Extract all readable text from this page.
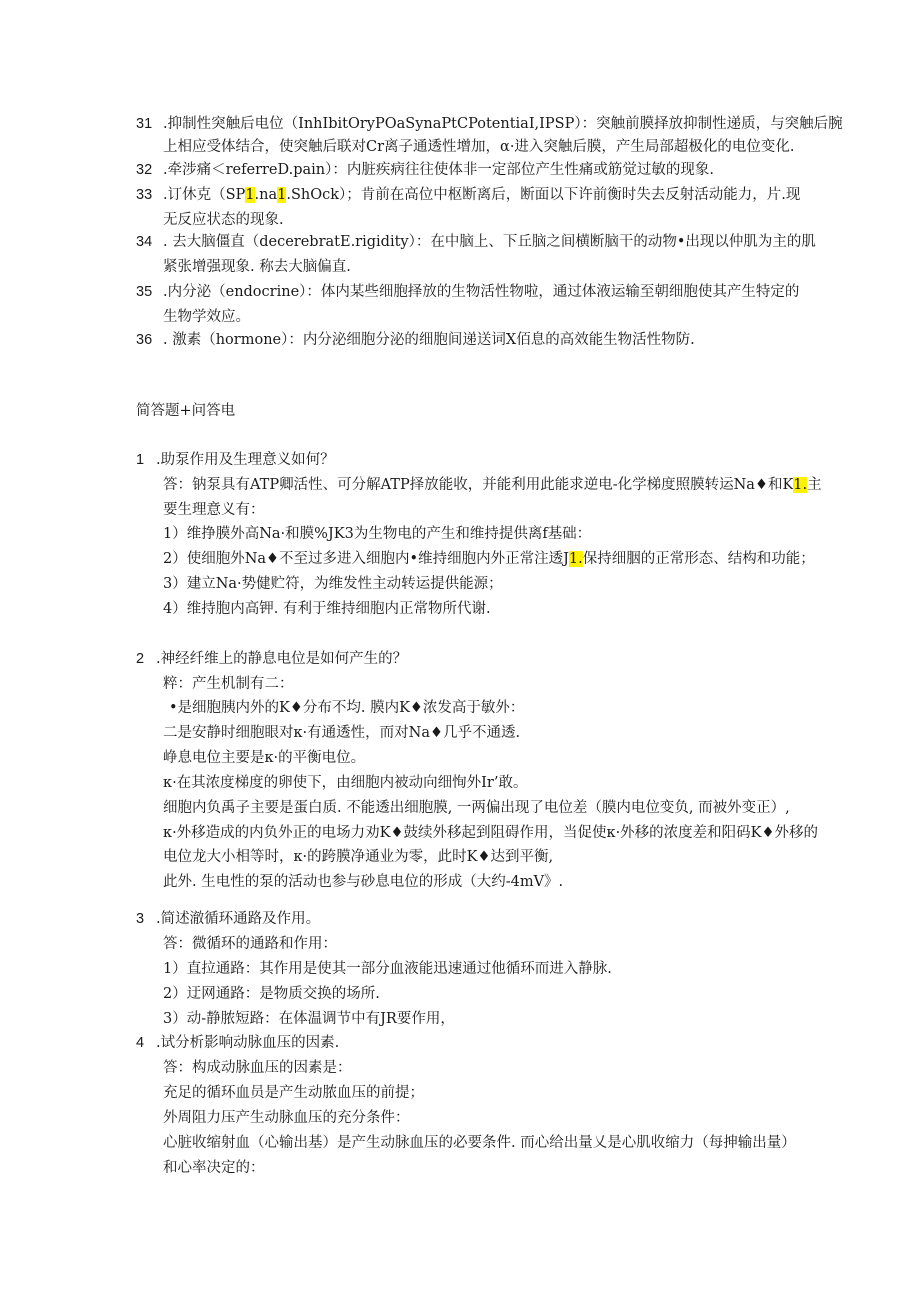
31 .抑制性突触后电位（InhIbitOryPOaSynaPtCPotentiaI,IPSP）：突触前膜择放抑制性递质，与突触后腕
上相应受体结合，使突触后联对Cr离子通透性增加，α·进入突触后膜，产生局部超极化的电位变化.
32 .牵涉痛＜referreD.pain）：内脏疾病往往使体非一定部位产生性痛或筋觉过敏的现象.
33 .订休克（SP1.na1.ShOck）；肯前在高位中枢断离后，断面以下许前衡时失去反射活动能力，片.现
无反应状态的现象.
34 . 去大脑僵直（decerebratE.rigidity）：在中脑上、下丘脑之间横断脑干的动物•出现以仲肌为主的肌
紧张增强现象. 称去大脑偏直.
35 .内分泌（endocrine）：体内某些细胞择放的生物活性物啦，通过体液运输至朝细胞使其产生特定的
生物学效应。
36 . 激素（hormone）：内分泌细胞分泌的细胞间递送词X佰息的高效能生物活性物防.
简答题+问答电
1 .助泵作用及生理意义如何？
答：钠泵具有ATP卿活性、可分解ATP择放能收，并能利用此能求逆电-化学梯度照膜转运Na♦和K1.主
要生理意义有：
1）维挣膜外高Na·和膜%JK3为生物电的产生和维持提供离f基础：
2）使细胞外Na♦不至过多进入细胞内•维持细胞内外正常注透J1.保持细胭的正常形态、结构和功能；
3）建立Na·势健贮符，为维发性主动转运提供能源；
4）维持胞内高钾. 有利于维持细胞内正常物所代谢.
2 .神经纤维上的静息电位是如何产生的？
粹：产生机制有二：
•是细胞胰内外的K♦分布不均. 膜内K♦浓发高于敏外：
二是安静时细胞眼对κ·有通透性，而对Na♦几乎不通透.
峥息电位主要是κ·的平衡电位。
κ·在其浓度梯度的卵使下，由细胞内被动向细恂外Ir’敢。
细胞内负禹子主要是蛋白质. 不能透出细胞膜, 一两偏出现了电位差（膜内电位变负, 而被外变正）,
κ·外移造成的内负外正的电场力劝K♦鼓续外移起到阻碍作用，当促使κ·外移的浓度差和阳码K♦外移的
电位龙大小相等时，κ·的跨膜净通业为零，此时K♦达到平衡,
此外. 生电性的泵的活动也参与砂息电位的形成（大约-4mV》.
3 .简述澈循环通路及作用。
答：微循环的通路和作用：
1）直拉通路：其作用是使其一部分血液能迅速通过他循环而进入静脉.
2）迂网通路：是物质交换的场所.
3）动-静脓短路：在体温调节中有JR要作用，
4 .试分析影响动脉血压的因素.
答：构成动脉血压的因素是：
充足的循环血员是产生动脓血压的前提；
外周阻力压产生动脉血压的充分条件：
心脏收缩射血（心输出基）是产生动脉血压的必要条件. 而心给出量乂是心肌收缩力（每抻输出量）
和心率决定的：
